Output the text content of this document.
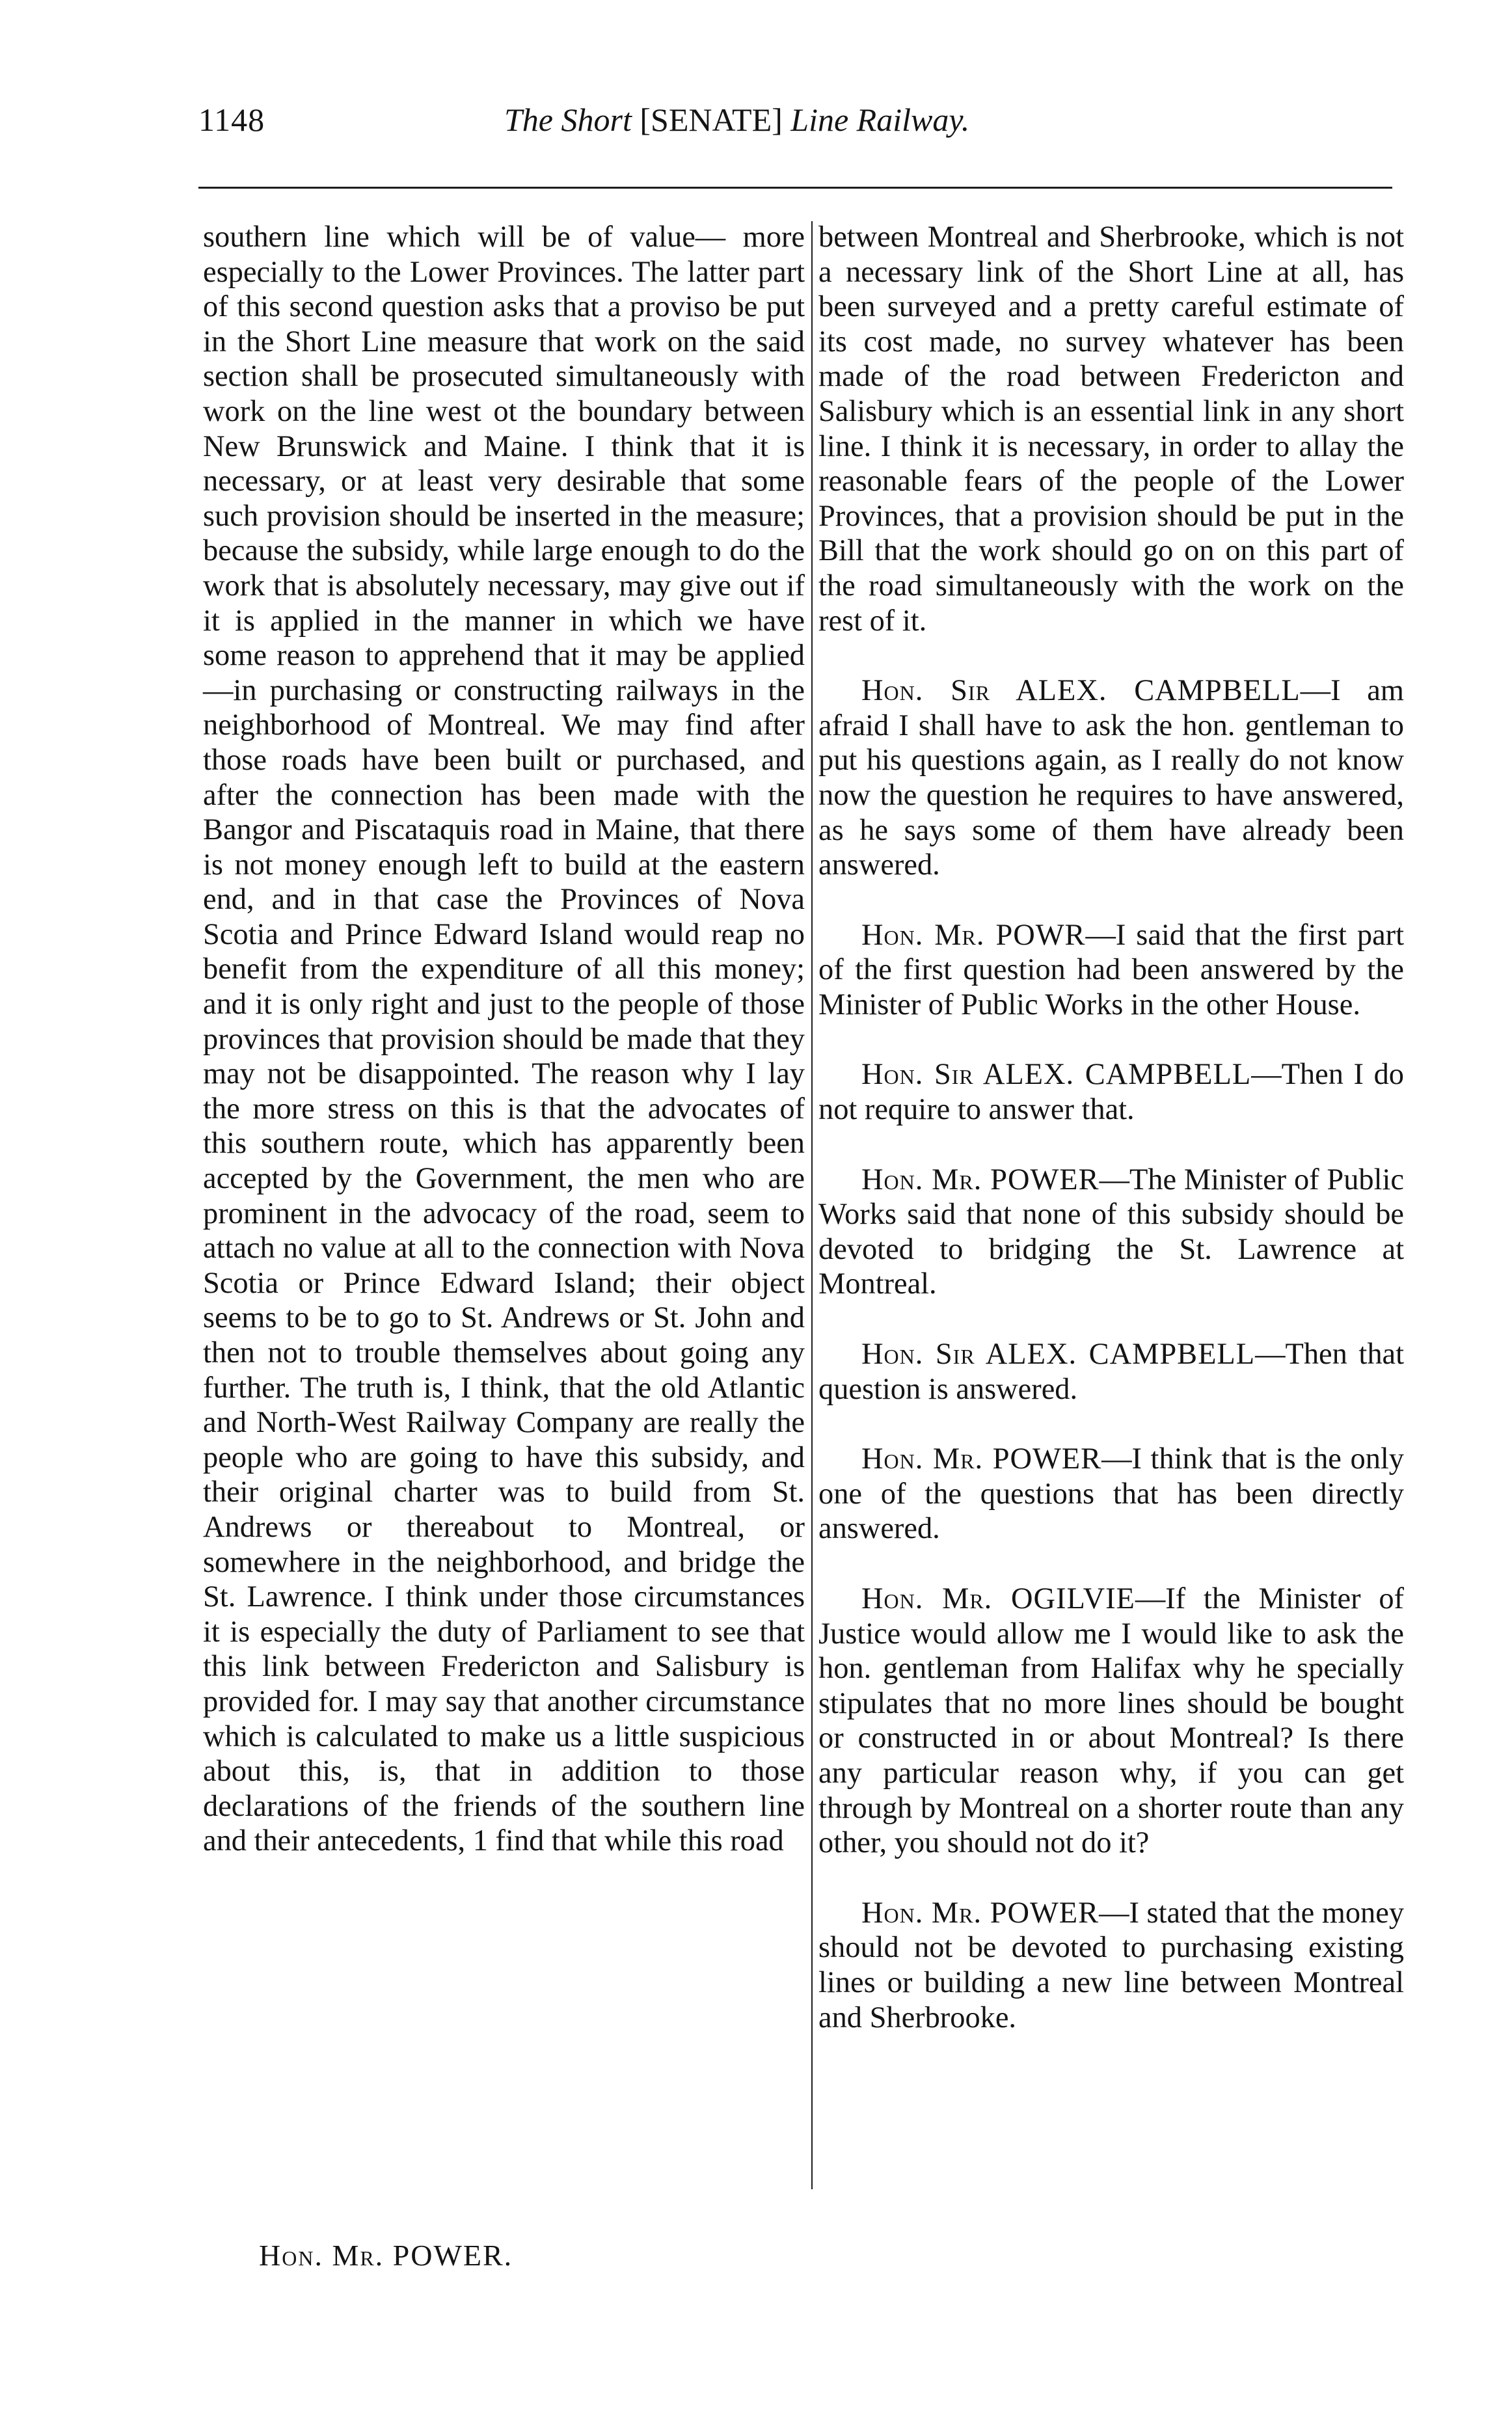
1148	The Short [SENATE] Line Railway.

southern line which will be of value— more especially to the Lower Provinces. The latter part of this second question asks that a proviso be put in the Short Line measure that work on the said section shall be prosecuted simultaneously with work on the line west ot the boundary between New Brunswick and Maine. I think that it is necessary, or at least very desirable that some such provision should be inserted in the measure; because the subsidy, while large enough to do the work that is absolutely necessary, may give out if it is applied in the manner in which we have some reason to apprehend that it may be applied—in purchasing or constructing railways in the neighborhood of Montreal. We may find after those roads have been built or purchased, and after the connection has been made with the Bangor and Piscataquis road in Maine, that there is not money enough left to build at the eastern end, and in that case the Provinces of Nova Scotia and Prince Edward Island would reap no benefit from the expenditure of all this money; and it is only right and just to the people of those provinces that provision should be made that they may not be disappointed. The reason why I lay the more stress on this is that the advocates of this southern route, which has apparently been accepted by the Government, the men who are prominent in the advocacy of the road, seem to attach no value at all to the connection with Nova Scotia or Prince Edward Island; their object seems to be to go to St. Andrews or St. John and then not to trouble themselves about going any further. The truth is, I think, that the old Atlantic and North-West Railway Company are really the people who are going to have this subsidy, and their original charter was to build from St. Andrews or thereabout to Montreal, or somewhere in the neighborhood, and bridge the St. Lawrence. I think under those circumstances it is especially the duty of Parliament to see that this link between Fredericton and Salisbury is provided for. I may say that another circumstance which is calculated to make us a little suspicious about this, is, that in addition to those declarations of the friends of the southern line and their antecedents, 1 find that while this road

between Montreal and Sherbrooke, which is not a necessary link of the Short Line at all, has been surveyed and a pretty careful estimate of its cost made, no survey whatever has been made of the road between Fredericton and Salisbury which is an essential link in any short line. I think it is necessary, in order to allay the reasonable fears of the people of the Lower Provinces, that a provision should be put in the Bill that the work should go on on this part of the road simultaneously with the work on the rest of it.

Hon. Sir ALEX. CAMPBELL—I am afraid I shall have to ask the hon. gentleman to put his questions again, as I really do not know now the question he requires to have answered, as he says some of them have already been answered.

Hon. Mr. POWR—I said that the first part of the first question had been answered by the Minister of Public Works in the other House.

Hon. Sir ALEX. CAMPBELL—Then I do not require to answer that.

Hon. Mr. POWER—The Minister of Public Works said that none of this subsidy should be devoted to bridging the St. Lawrence at Montreal.

Hon. Sir ALEX. CAMPBELL—Then that question is answered.

Hon. Mr. POWER—I think that is the only one of the questions that has been directly answered.

Hon. Mr. OGILVIE—If the Minister of Justice would allow me I would like to ask the hon. gentleman from Halifax why he specially stipulates that no more lines should be bought or constructed in or about Montreal? Is there any particular reason why, if you can get through by Montreal on a shorter route than any other, you should not do it?

Hon. Mr. POWER—I stated that the money should not be devoted to purchasing existing lines or building a new line between Montreal and Sherbrooke.

Hon. Mr. POWER.
